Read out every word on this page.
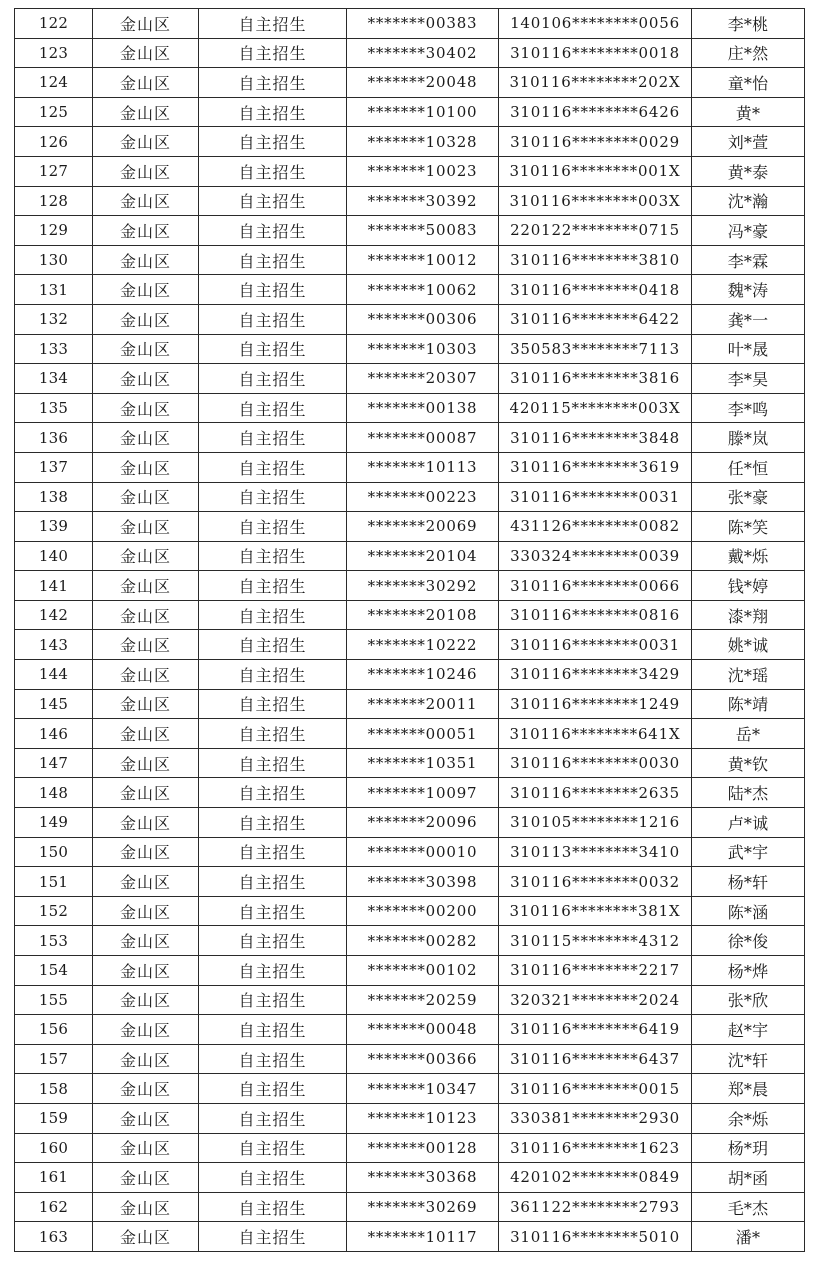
122	金山区	自主招生	*******00383	140106********0056	李*桃
123	金山区	自主招生	*******30402	310116********0018	庄*然
124	金山区	自主招生	*******20048	310116********202X	童*怡
125	金山区	自主招生	*******10100	310116********6426	黄*
126	金山区	自主招生	*******10328	310116********0029	刘*萱
127	金山区	自主招生	*******10023	310116********001X	黄*泰
128	金山区	自主招生	*******30392	310116********003X	沈*瀚
129	金山区	自主招生	*******50083	220122********0715	冯*豪
130	金山区	自主招生	*******10012	310116********3810	李*霖
131	金山区	自主招生	*******10062	310116********0418	魏*涛
132	金山区	自主招生	*******00306	310116********6422	龚*一
133	金山区	自主招生	*******10303	350583********7113	叶*晟
134	金山区	自主招生	*******20307	310116********3816	李*昊
135	金山区	自主招生	*******00138	420115********003X	李*鸣
136	金山区	自主招生	*******00087	310116********3848	滕*岚
137	金山区	自主招生	*******10113	310116********3619	任*恒
138	金山区	自主招生	*******00223	310116********0031	张*豪
139	金山区	自主招生	*******20069	431126********0082	陈*笑
140	金山区	自主招生	*******20104	330324********0039	戴*烁
141	金山区	自主招生	*******30292	310116********0066	钱*婷
142	金山区	自主招生	*******20108	310116********0816	漆*翔
143	金山区	自主招生	*******10222	310116********0031	姚*诚
144	金山区	自主招生	*******10246	310116********3429	沈*瑶
145	金山区	自主招生	*******20011	310116********1249	陈*靖
146	金山区	自主招生	*******00051	310116********641X	岳*
147	金山区	自主招生	*******10351	310116********0030	黄*钦
148	金山区	自主招生	*******10097	310116********2635	陆*杰
149	金山区	自主招生	*******20096	310105********1216	卢*诚
150	金山区	自主招生	*******00010	310113********3410	武*宇
151	金山区	自主招生	*******30398	310116********0032	杨*轩
152	金山区	自主招生	*******00200	310116********381X	陈*涵
153	金山区	自主招生	*******00282	310115********4312	徐*俊
154	金山区	自主招生	*******00102	310116********2217	杨*烨
155	金山区	自主招生	*******20259	320321********2024	张*欣
156	金山区	自主招生	*******00048	310116********6419	赵*宇
157	金山区	自主招生	*******00366	310116********6437	沈*轩
158	金山区	自主招生	*******10347	310116********0015	郑*晨
159	金山区	自主招生	*******10123	330381********2930	余*烁
160	金山区	自主招生	*******00128	310116********1623	杨*玥
161	金山区	自主招生	*******30368	420102********0849	胡*函
162	金山区	自主招生	*******30269	361122********2793	毛*杰
163	金山区	自主招生	*******10117	310116********5010	潘*
